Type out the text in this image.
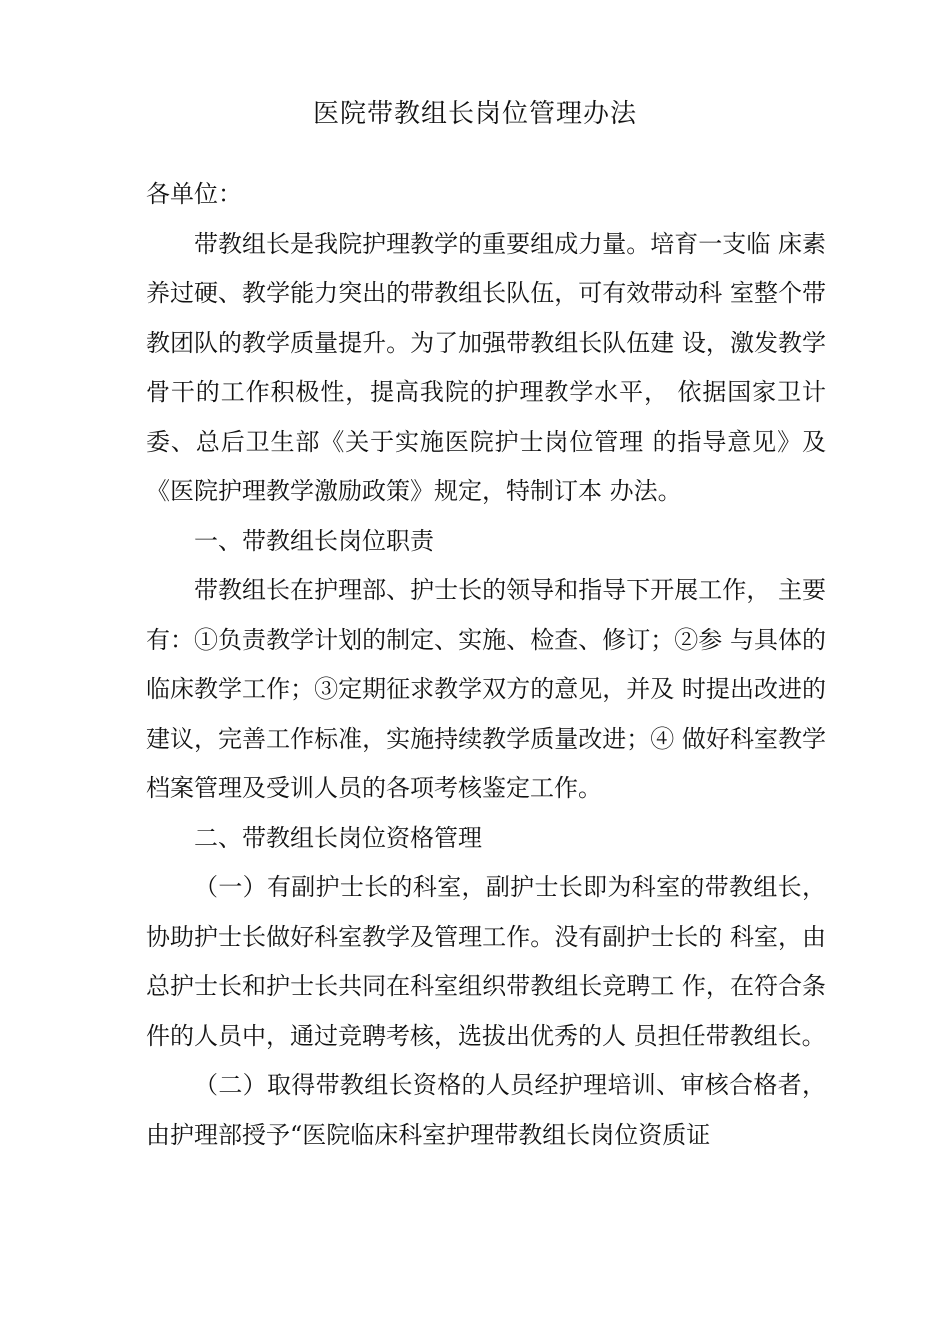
医院带教组长岗位管理办法

各单位：

带教组长是我院护理教学的重要组成力量。培育一支临 床素养过硬、教学能力突出的带教组长队伍，可有效带动科 室整个带教团队的教学质量提升。为了加强带教组长队伍建 设，激发教学骨干的工作积极性，提高我院的护理教学水平， 依据国家卫计委、总后卫生部《关于实施医院护士岗位管理 的指导意见》及《医院护理教学激励政策》规定，特制订本 办法。

一、带教组长岗位职责

带教组长在护理部、护士长的领导和指导下开展工作， 主要有：①负责教学计划的制定、实施、检查、修订；②参 与具体的临床教学工作；③定期征求教学双方的意见，并及 时提出改进的建议，完善工作标准，实施持续教学质量改进；④ 做好科室教学档案管理及受训人员的各项考核鉴定工作。

二、带教组长岗位资格管理

（一）有副护士长的科室，副护士长即为科室的带教组长，协助护士长做好科室教学及管理工作。没有副护士长的 科室，由总护士长和护士长共同在科室组织带教组长竞聘工 作，在符合条件的人员中，通过竞聘考核，选拔出优秀的人 员担任带教组长。

（二）取得带教组长资格的人员经护理培训、审核合格者，由护理部授予“医院临床科室护理带教组长岗位资质证
